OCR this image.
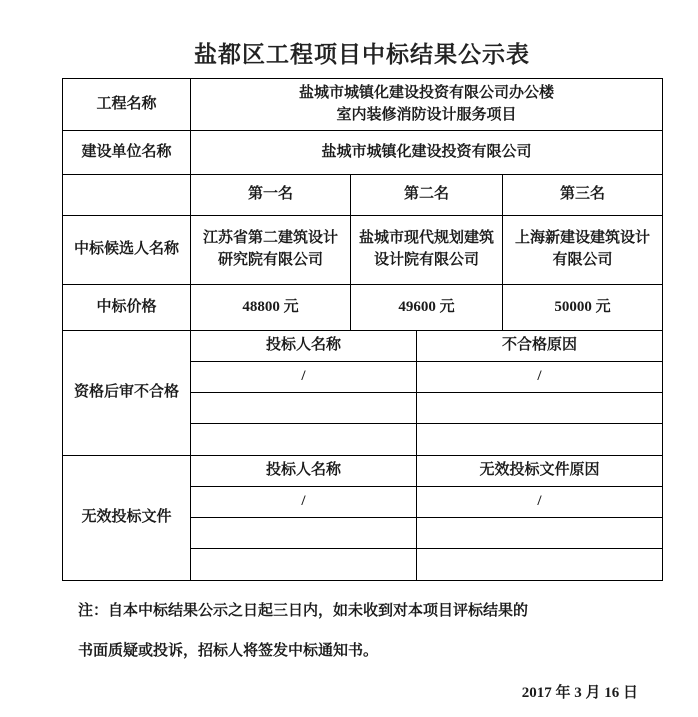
盐都区工程项目中标结果公示表
工程名称	盐城市城镇化建设投资有限公司办公楼
室内装修消防设计服务项目			

建设单位名称	盐城市城镇化建设投资有限公司			
	第一名	第二名		第三名
中标候选人名称	江苏省第二建筑设计研究院有限公司	盐城市现代规划建筑设计院有限公司		上海新建设建筑设计有限公司
中标价格	48800 元	49600 元		50000 元
资格后审不合格	投标人名称		不合格原因	
	/		/	

无效投标文件	投标人名称		无效投标文件原因	
	/		/	

注：自本中标结果公示之日起三日内，如未收到对本项目评标结果的
书面质疑或投诉，招标人将签发中标通知书。
2017 年 3 月 16 日
